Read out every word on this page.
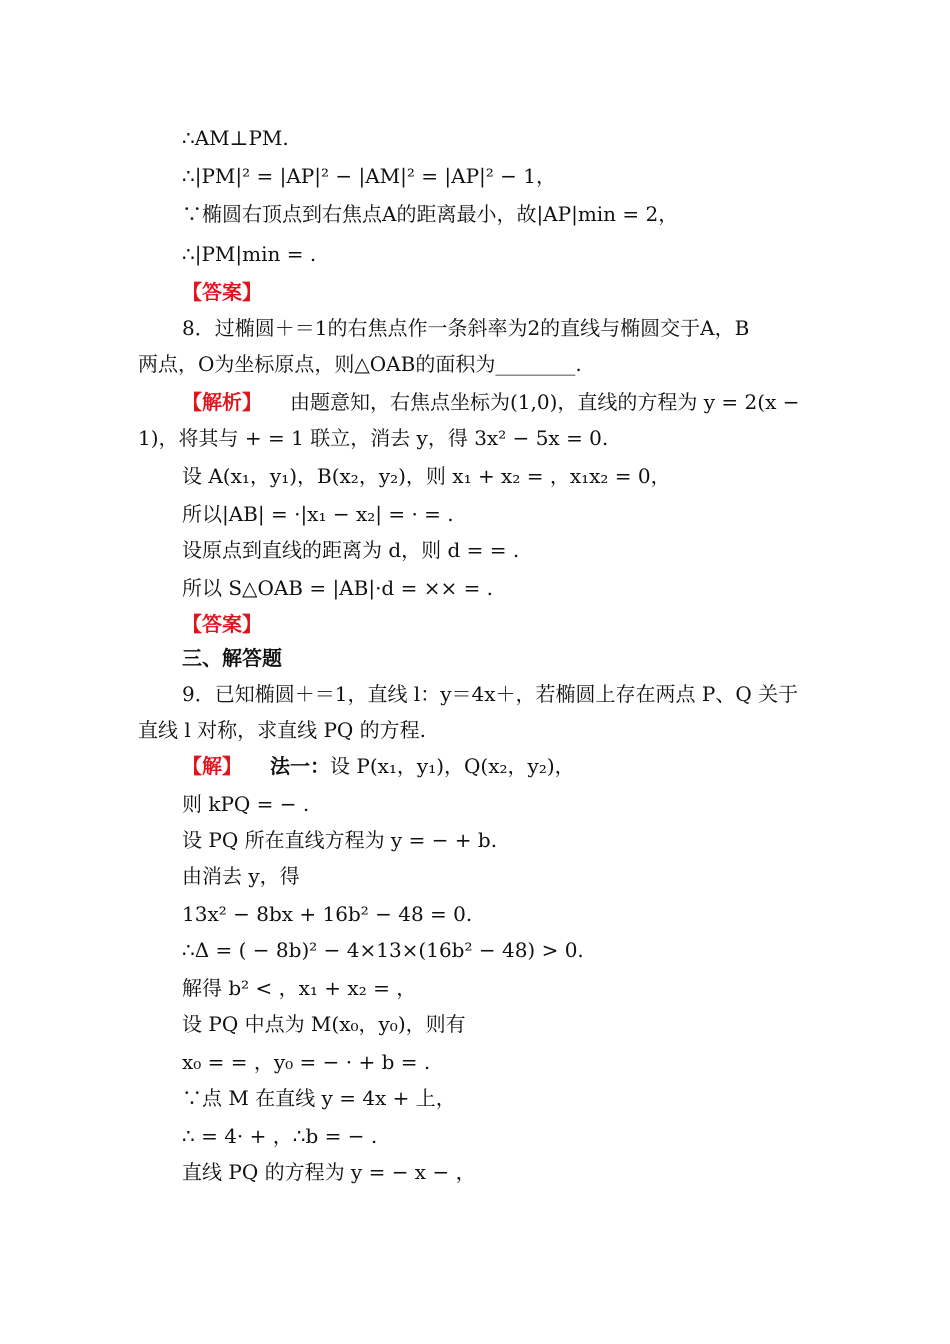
∴AM⊥PM.
∴|PM|² = |AP|² − |AM|² = |AP|² − 1，
∵椭圆右顶点到右焦点A的距离最小，故|AP|min = 2，
∴|PM|min = .
【答案】
8．过椭圆＋＝1的右焦点作一条斜率为2的直线与椭圆交于A，B
两点，O为坐标原点，则△OAB的面积为________.
【解析】 由题意知，右焦点坐标为(1,0)，直线的方程为 y = 2(x −
1)，将其与 + = 1 联立，消去 y，得 3x² − 5x = 0.
设 A(x₁，y₁)，B(x₂，y₂)，则 x₁ + x₂ = ，x₁x₂ = 0，
所以|AB| = ·|x₁ − x₂| = · = .
设原点到直线的距离为 d，则 d = = .
所以 S△OAB = |AB|·d = ×× = .
【答案】
三、解答题
9．已知椭圆＋＝1，直线 l：y＝4x＋，若椭圆上存在两点 P、Q 关于
直线 l 对称，求直线 PQ 的方程.
【解】 法一：设 P(x₁，y₁)，Q(x₂，y₂)，
则 kPQ = − .
设 PQ 所在直线方程为 y = − + b.
由消去 y，得
13x² − 8bx + 16b² − 48 = 0.
∴Δ = ( − 8b)² − 4×13×(16b² − 48) > 0.
解得 b² < ，x₁ + x₂ = ，
设 PQ 中点为 M(x₀，y₀)，则有
x₀ = = ，y₀ = − · + b = .
∵点 M 在直线 y = 4x + 上，
∴ = 4· + ，∴b = − .
直线 PQ 的方程为 y = − x − ，
